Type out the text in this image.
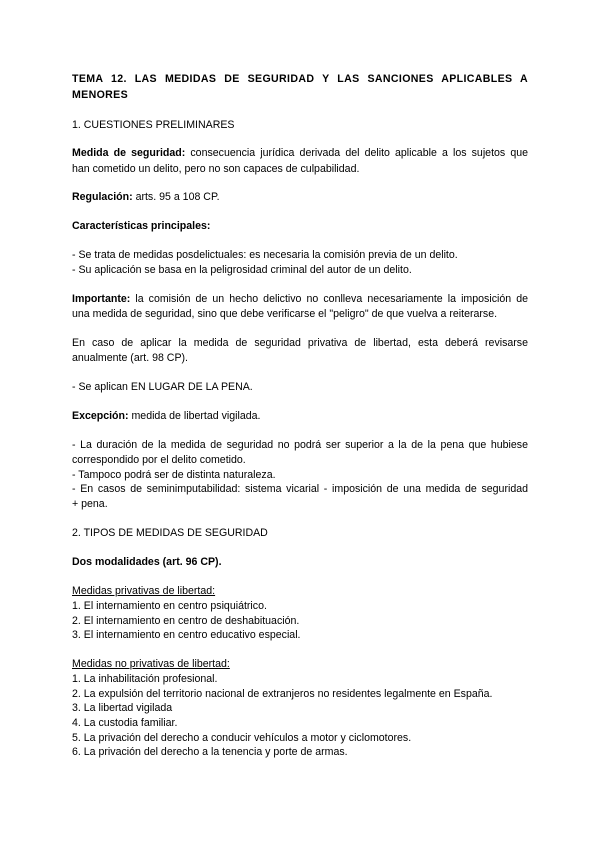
TEMA 12. LAS MEDIDAS DE SEGURIDAD Y LAS SANCIONES APLICABLES A
MENORES
1. CUESTIONES PRELIMINARES
Medida de seguridad: consecuencia jurídica derivada del delito aplicable a los sujetos que
han cometido un delito, pero no son capaces de culpabilidad.
Regulación: arts. 95 a 108 CP.
Características principales:
- Se trata de medidas posdelictuales: es necesaria la comisión previa de un delito.
- Su aplicación se basa en la peligrosidad criminal del autor de un delito.
Importante: la comisión de un hecho delictivo no conlleva necesariamente la imposición de
una medida de seguridad, sino que debe verificarse el "peligro" de que vuelva a reiterarse.
En caso de aplicar la medida de seguridad privativa de libertad, esta deberá revisarse
anualmente (art. 98 CP).
- Se aplican EN LUGAR DE LA PENA.
Excepción: medida de libertad vigilada.
- La duración de la medida de seguridad no podrá ser superior a la de la pena que hubiese
correspondido por el delito cometido.
- Tampoco podrá ser de distinta naturaleza.
- En casos de seminimputabilidad: sistema vicarial - imposición de una medida de seguridad
+ pena.
2. TIPOS DE MEDIDAS DE SEGURIDAD
Dos modalidades (art. 96 CP).
Medidas privativas de libertad:
1. El internamiento en centro psiquiátrico.
2. El internamiento en centro de deshabituación.
3. El internamiento en centro educativo especial.
Medidas no privativas de libertad:
1. La inhabilitación profesional.
2. La expulsión del territorio nacional de extranjeros no residentes legalmente en España.
3. La libertad vigilada
4. La custodia familiar.
5. La privación del derecho a conducir vehículos a motor y ciclomotores.
6. La privación del derecho a la tenencia y porte de armas.
